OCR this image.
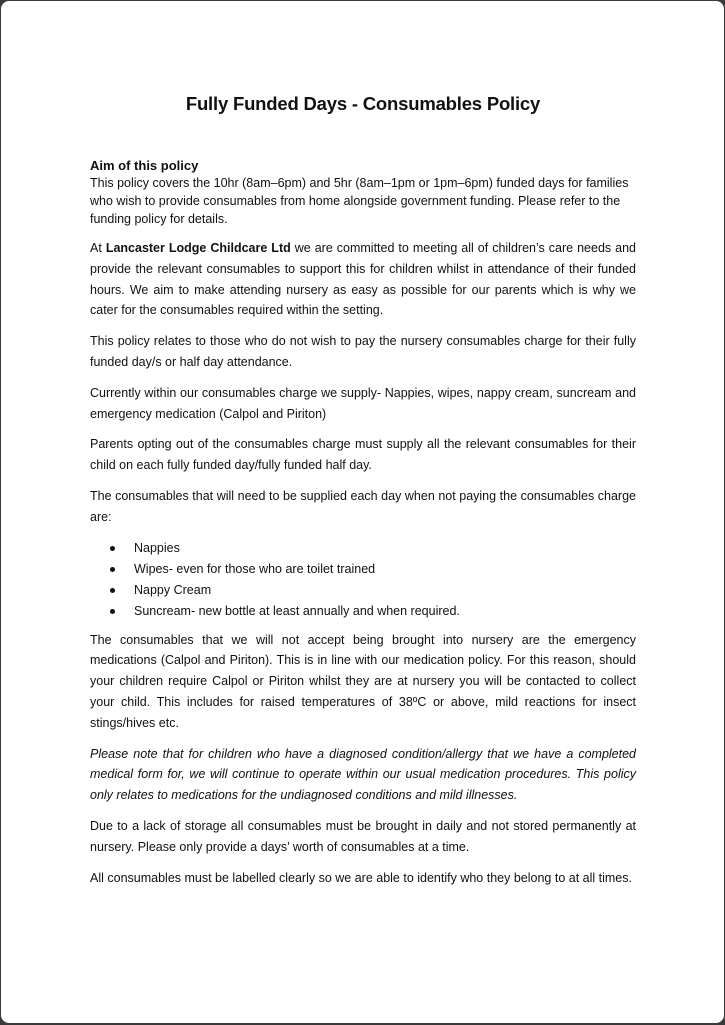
Fully Funded Days - Consumables Policy
Aim of this policy
This policy covers the 10hr (8am–6pm) and 5hr (8am–1pm or 1pm–6pm) funded days for families who wish to provide consumables from home alongside government funding. Please refer to the funding policy for details.

At Lancaster Lodge Childcare Ltd we are committed to meeting all of children’s care needs and provide the relevant consumables to support this for children whilst in attendance of their funded hours. We aim to make attending nursery as easy as possible for our parents which is why we cater for the consumables required within the setting.

This policy relates to those who do not wish to pay the nursery consumables charge for their fully funded day/s or half day attendance.

Currently within our consumables charge we supply- Nappies, wipes, nappy cream, suncream and emergency medication (Calpol and Piriton)

Parents opting out of the consumables charge must supply all the relevant consumables for their child on each fully funded day/fully funded half day.

The consumables that will need to be supplied each day when not paying the consumables charge are:

Nappies
Wipes- even for those who are toilet trained
Nappy Cream
Suncream- new bottle at least annually and when required.

The consumables that we will not accept being brought into nursery are the emergency medications (Calpol and Piriton). This is in line with our medication policy. For this reason, should your children require Calpol or Piriton whilst they are at nursery you will be contacted to collect your child. This includes for raised temperatures of 38ºC or above, mild reactions for insect stings/hives etc.

Please note that for children who have a diagnosed condition/allergy that we have a completed medical form for, we will continue to operate within our usual medication procedures. This policy only relates to medications for the undiagnosed conditions and mild illnesses.

Due to a lack of storage all consumables must be brought in daily and not stored permanently at nursery. Please only provide a days’ worth of consumables at a time.

All consumables must be labelled clearly so we are able to identify who they belong to at all times.
